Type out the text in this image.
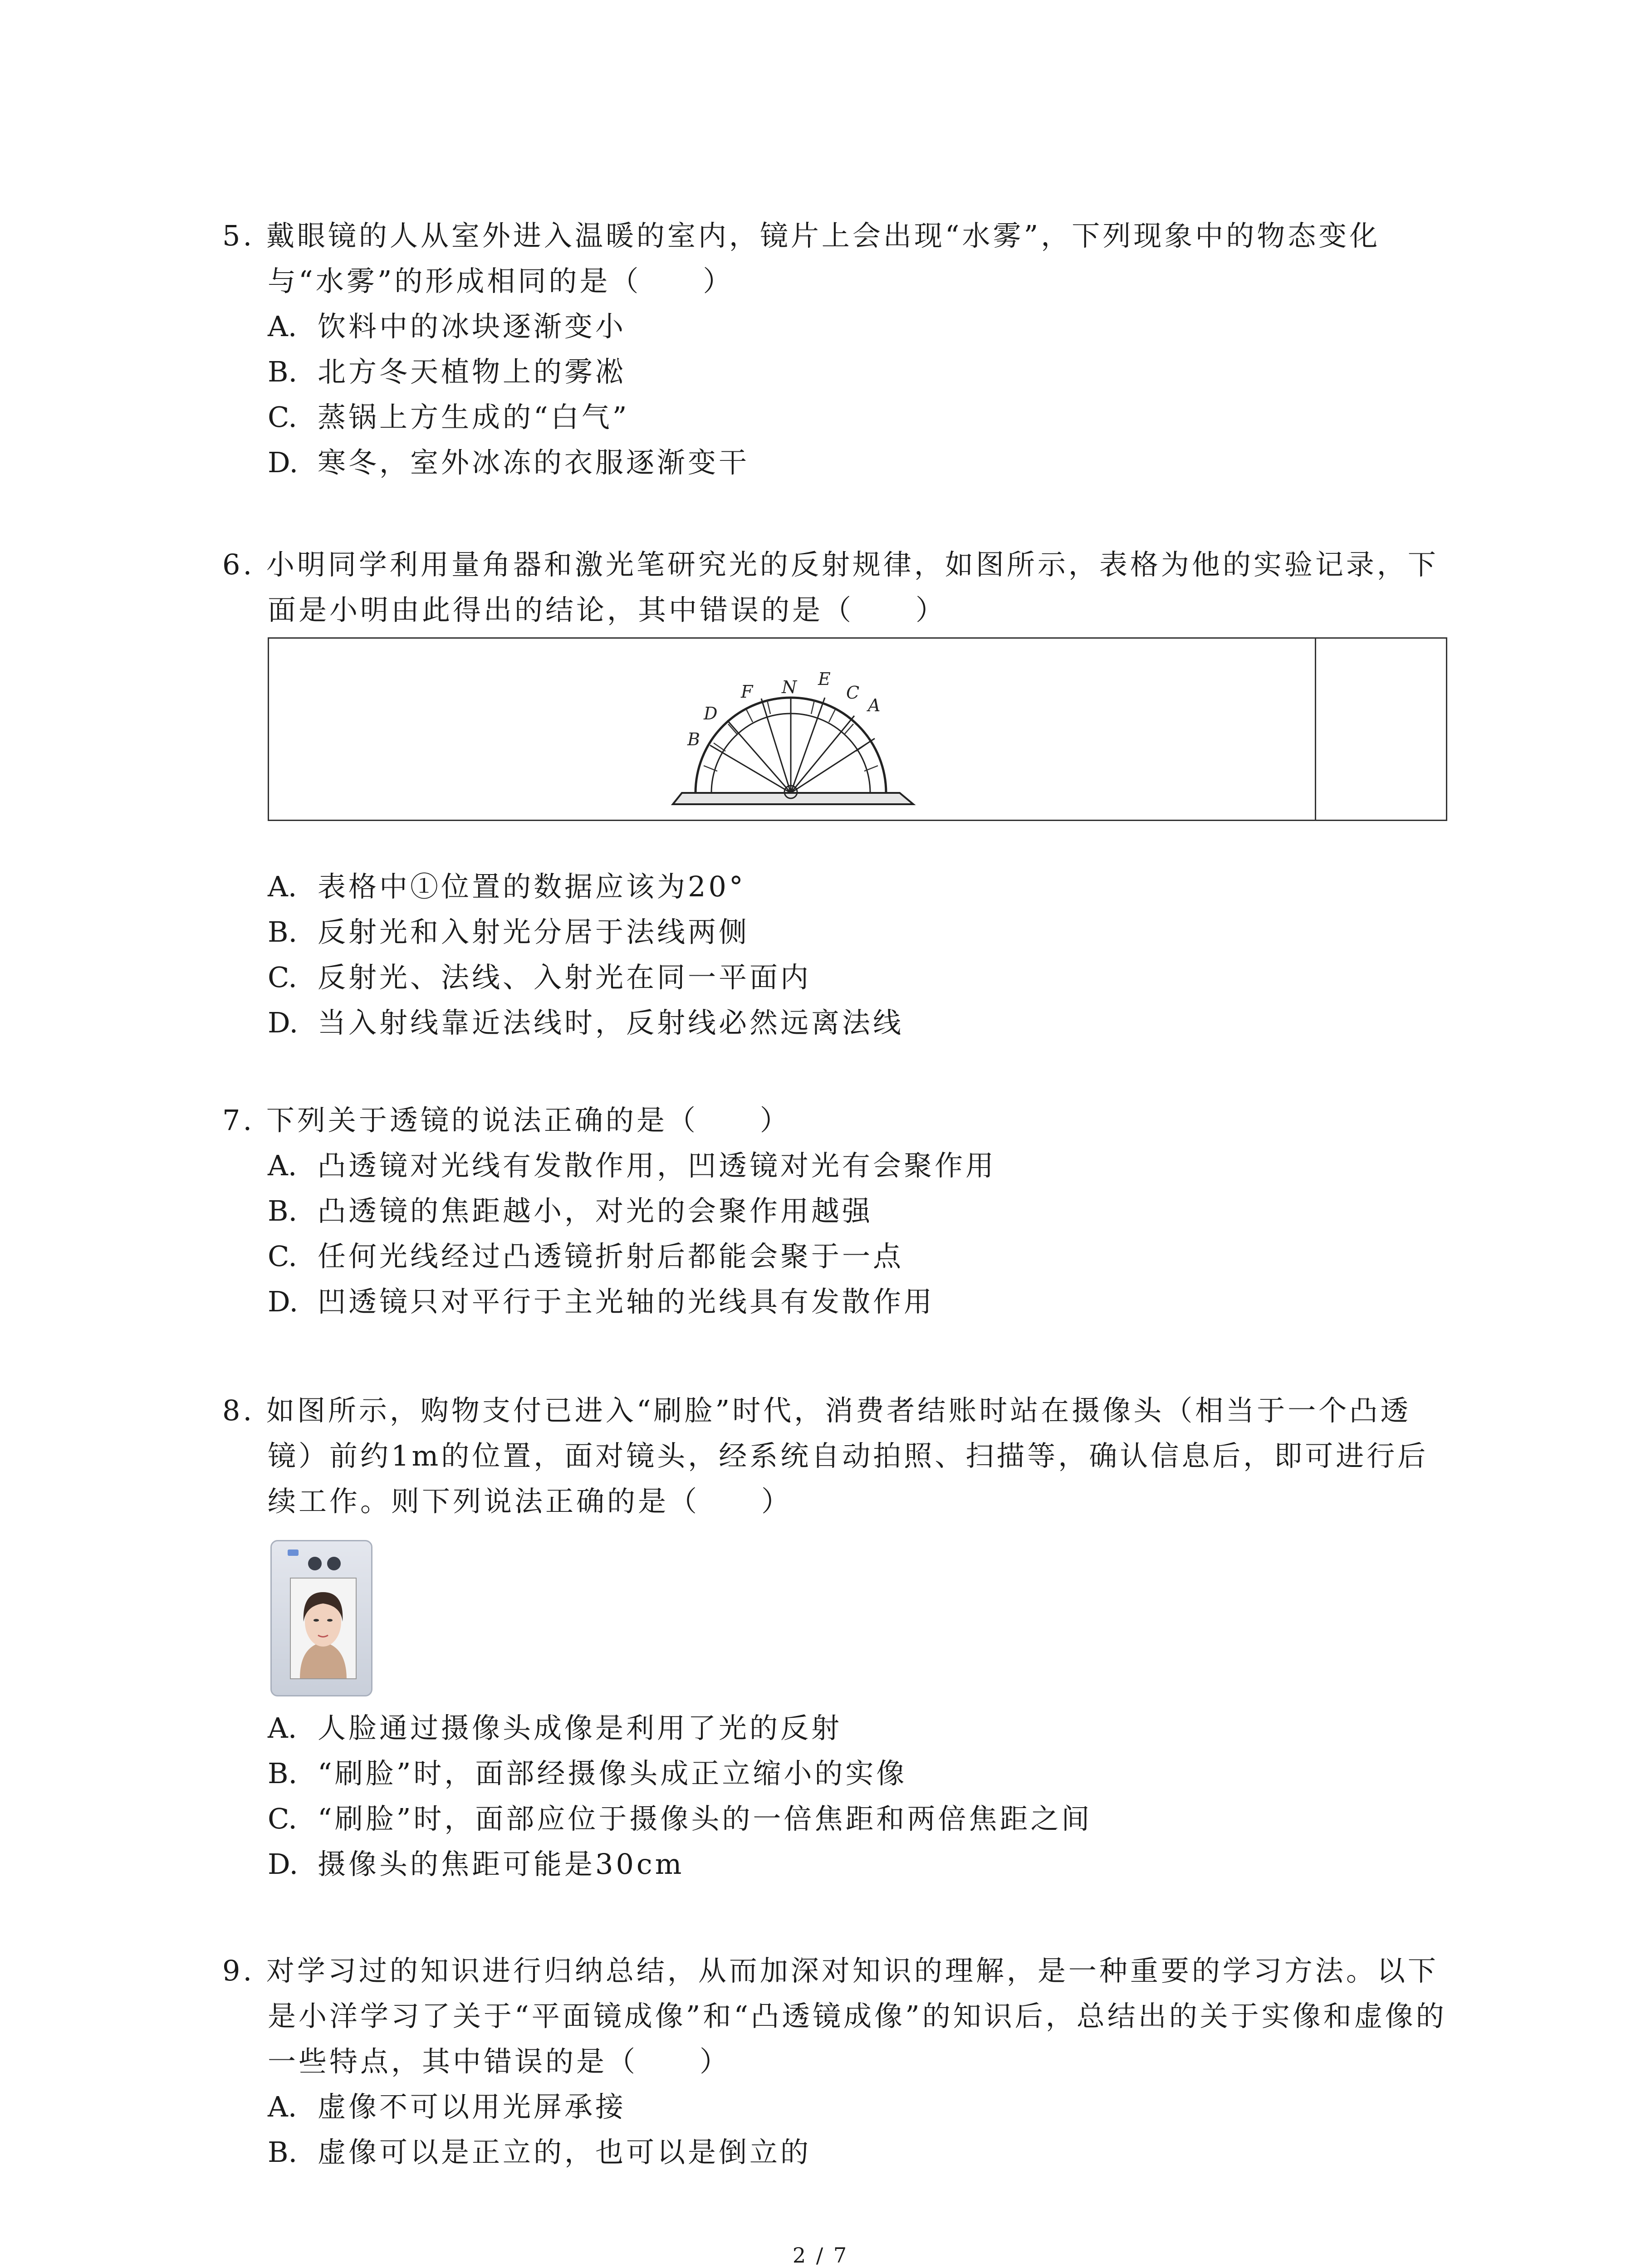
5. 戴眼镜的人从室外进入温暖的室内，镜片上会出现“水雾”，下列现象中的物态变化与“水雾”的形成相同的是（　　）

A. 饮料中的冰块逐渐变小

B. 北方冬天植物上的雾凇

C. 蒸锅上方生成的“白气”

D. 寒冬，室外冰冻的衣服逐渐变干

6. 小明同学利用量角器和激光笔研究光的反射规律，如图所示，表格为他的实验记录，下面是小明由此得出的结论，其中错误的是（　　）

B
D
F N E
C
A

A. 表格中①位置的数据应该为20°

B. 反射光和入射光分居于法线两侧

C. 反射光、法线、入射光在同一平面内

D. 当入射线靠近法线时，反射线必然远离法线

7. 下列关于透镜的说法正确的是（　　）

A. 凸透镜对光线有发散作用，凹透镜对光有会聚作用

B. 凸透镜的焦距越小，对光的会聚作用越强

C. 任何光线经过凸透镜折射后都能会聚于一点

D. 凹透镜只对平行于主光轴的光线具有发散作用

8. 如图所示，购物支付已进入“刷脸”时代，消费者结账时站在摄像头（相当于一个凸透镜）前约1m的位置，面对镜头，经系统自动拍照、扫描等，确认信息后，即可进行后续工作。则下列说法正确的是（　　）

A. 人脸通过摄像头成像是利用了光的反射

B. “刷脸”时，面部经摄像头成正立缩小的实像

C. “刷脸”时，面部应位于摄像头的一倍焦距和两倍焦距之间

D. 摄像头的焦距可能是30cm

9. 对学习过的知识进行归纳总结，从而加深对知识的理解，是一种重要的学习方法。以下是小洋学习了关于“平面镜成像”和“凸透镜成像”的知识后，总结出的关于实像和虚像的一些特点，其中错误的是（　　）

A. 虚像不可以用光屏承接

B. 虚像可以是正立的，也可以是倒立的

2 / 7
